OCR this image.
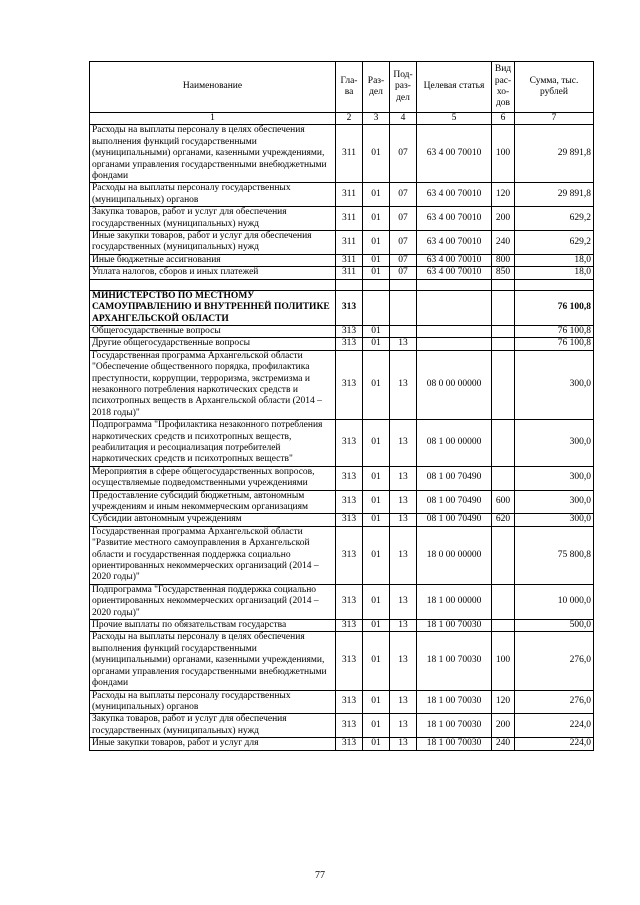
Наименование	Гла-ва	Раз-дел	Под-раз-дел	Целевая статья	Вид рас-хо-дов	Сумма, тыс. рублей
1	2	3	4	5	6	7
Расходы на выплаты персоналу в целях обеспечения выполнения функций государственными (муниципальными) органами, казенными учреждениями, органами управления государственными внебюджетными фондами	311	01	07	63 4 00 70010	100	29 891,8
Расходы на выплаты персоналу государственных (муниципальных) органов	311	01	07	63 4 00 70010	120	29 891,8
Закупка товаров, работ и услуг для обеспечения государственных (муниципальных) нужд	311	01	07	63 4 00 70010	200	629,2
Иные закупки товаров, работ и услуг для обеспечения государственных (муниципальных) нужд	311	01	07	63 4 00 70010	240	629,2
Иные бюджетные ассигнования	311	01	07	63 4 00 70010	800	18,0
Уплата налогов, сборов и иных платежей	311	01	07	63 4 00 70010	850	18,0

МИНИСТЕРСТВО ПО МЕСТНОМУ САМОУПРАВЛЕНИЮ И ВНУТРЕННЕЙ ПОЛИТИКЕ АРХАНГЕЛЬСКОЙ ОБЛАСТИ	313					76 100,8
Общегосударственные вопросы	313	01				76 100,8
Другие общегосударственные вопросы	313	01	13			76 100,8
Государственная программа Архангельской области "Обеспечение общественного порядка, профилактика преступности, коррупции, терроризма, экстремизма и незаконного потребления наркотических средств и психотропных веществ в Архангельской области (2014 – 2018 годы)"	313	01	13	08 0 00 00000		300,0
Подпрограмма "Профилактика незаконного потребления наркотических средств и психотропных веществ, реабилитация и ресоциализация потребителей наркотических средств и психотропных веществ"	313	01	13	08 1 00 00000		300,0
Мероприятия в сфере общегосударственных вопросов, осуществляемые подведомственными учреждениями	313	01	13	08 1 00 70490		300,0
Предоставление субсидий бюджетным, автономным учреждениям и иным некоммерческим организациям	313	01	13	08 1 00 70490	600	300,0
Субсидии автономным учреждениям	313	01	13	08 1 00 70490	620	300,0
Государственная программа Архангельской области "Развитие местного самоуправления в Архангельской области и государственная поддержка социально ориентированных некоммерческих организаций (2014 – 2020 годы)"	313	01	13	18 0 00 00000		75 800,8
Подпрограмма "Государственная поддержка социально ориентированных некоммерческих организаций (2014 – 2020 годы)"	313	01	13	18 1 00 00000		10 000,0
Прочие выплаты по обязательствам государства	313	01	13	18 1 00 70030		500,0
Расходы на выплаты персоналу в целях обеспечения выполнения функций государственными (муниципальными) органами, казенными учреждениями, органами управления государственными внебюджетными фондами	313	01	13	18 1 00 70030	100	276,0
Расходы на выплаты персоналу государственных (муниципальных) органов	313	01	13	18 1 00 70030	120	276,0
Закупка товаров, работ и услуг для обеспечения государственных (муниципальных) нужд	313	01	13	18 1 00 70030	200	224,0
Иные закупки товаров, работ и услуг для	313	01	13	18 1 00 70030	240	224,0
77
